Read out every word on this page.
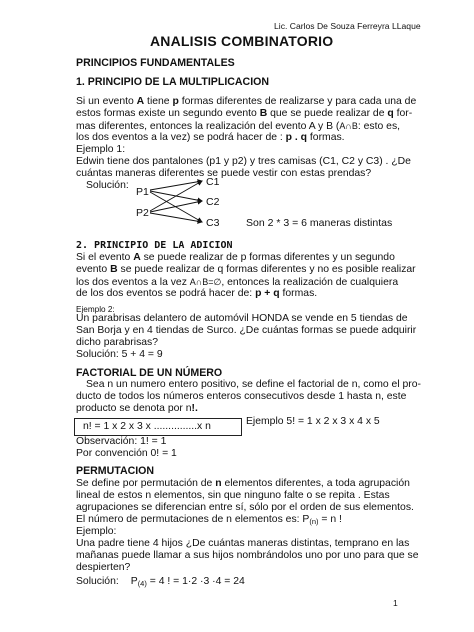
Lic. Carlos De Souza Ferreyra LLaque
ANALISIS COMBINATORIO
PRINCIPIOS FUNDAMENTALES
1. PRINCIPIO DE LA MULTIPLICACION
Si un evento A tiene p formas diferentes de realizarse y para cada una de
estos formas existe un segundo evento B que se puede realizar de q for-
mas diferentes, entonces la realización del evento A y B (A∩B: esto es,
los dos eventos a la vez) se podrá hacer de : p . q formas.
Ejemplo 1:
Edwin tiene dos pantalones (p1 y p2) y tres camisas (C1, C2 y C3) . ¿De
cuántas maneras diferentes se puede vestir con estas prendas?
Solución:
P1
P2
C1
C2
C3	Son 2 * 3 = 6 maneras distintas
2. PRINCIPIO DE LA ADICION
Si el evento A se puede realizar de p formas diferentes y un segundo
evento B se puede realizar de q formas diferentes y no es posible realizar
los dos eventos a la vez A∩B=∅, entonces la realización de cualquiera
de los dos eventos se podrá hacer de: p + q formas.
Ejemplo 2:
Un parabrisas delantero de automóvil HONDA se vende en 5 tiendas de
San Borja y en 4 tiendas de Surco. ¿De cuántas formas se puede adquirir
dicho parabrisas?
Solución: 5 + 4 = 9
FACTORIAL DE UN NÚMERO
Sea n un numero entero positivo, se define el factorial de n, como el pro-
ducto de todos los números enteros consecutivos desde 1 hasta n, este
producto se denota por n!.
n! = 1 x 2 x 3 x ...............x n	Ejemplo 5! = 1 x 2 x 3 x 4 x 5
Observación: 1! = 1
Por convención 0! = 1
PERMUTACION
Se define por permutación de n elementos diferentes, a toda agrupación
lineal de estos n elementos, sin que ninguno falte o se repita . Estas
agrupaciones se diferencian entre sí, sólo por el orden de sus elementos.
El número de permutaciones de n elementos es: P(n) = n !
Ejemplo:
Una padre tiene 4 hijos ¿De cuántas maneras distintas, temprano en las
mañanas puede llamar a sus hijos nombrándolos uno por uno para que se
despierten?
Solución: P(4) = 4 ! = 1·2 ·3 ·4 = 24
1
